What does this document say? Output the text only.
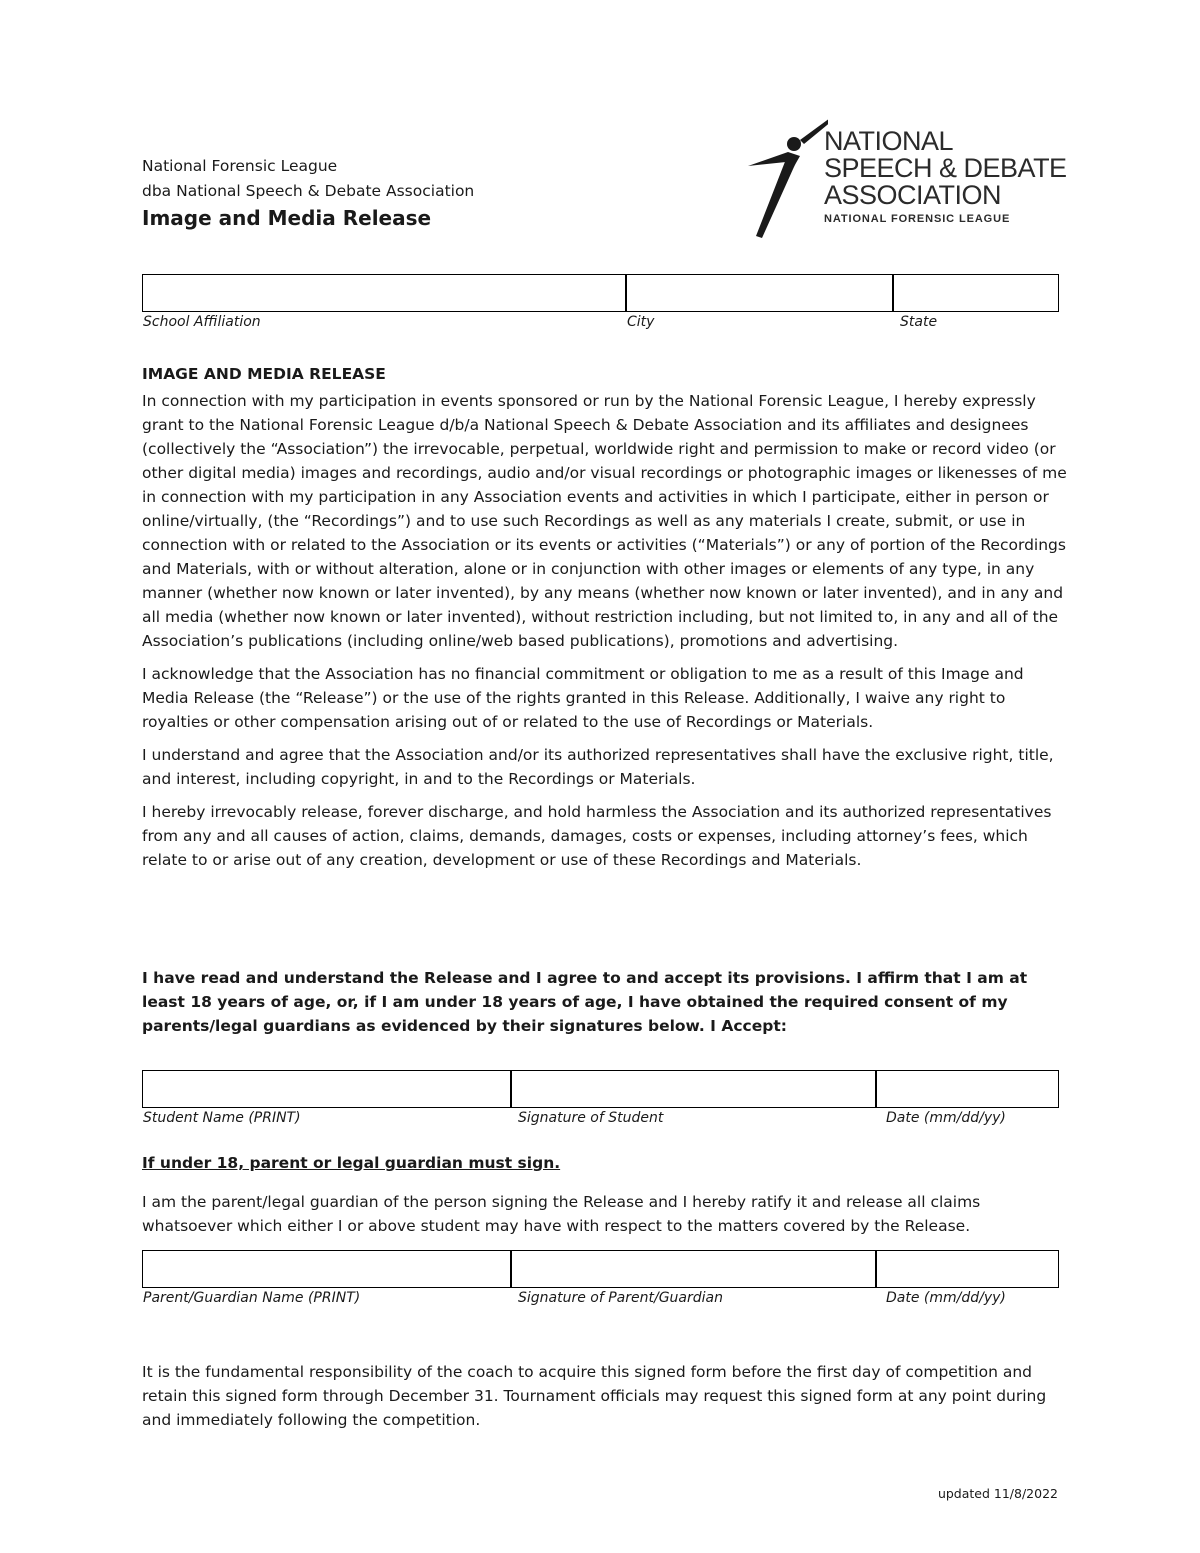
National Forensic League
dba National Speech & Debate Association
Image and Media Release
NATIONAL
SPEECH & DEBATE
ASSOCIATION
NATIONAL FORENSIC LEAGUE
School Affiliation	City	State

IMAGE AND MEDIA RELEASE

In connection with my participation in events sponsored or run by the National Forensic League, I hereby expressly grant to the National Forensic League d/b/a National Speech & Debate Association and its affiliates and designees (collectively the “Association”) the irrevocable, perpetual, worldwide right and permission to make or record video (or other digital media) images and recordings, audio and/or visual recordings or photographic images or likenesses of me in connection with my participation in any Association events and activities in which I participate, either in person or online/virtually, (the “Recordings”) and to use such Recordings as well as any materials I create, submit, or use in connection with or related to the Association or its events or activities (“Materials”) or any of portion of the Recordings and Materials, with or without alteration, alone or in conjunction with other images or elements of any type, in any manner (whether now known or later invented), by any means (whether now known or later invented), and in any and all media (whether now known or later invented), without restriction including, but not limited to, in any and all of the Association’s publications (including online/web based publications), promotions and advertising.

I acknowledge that the Association has no financial commitment or obligation to me as a result of this Image and Media Release (the “Release”) or the use of the rights granted in this Release. Additionally, I waive any right to royalties or other compensation arising out of or related to the use of Recordings or Materials.

I understand and agree that the Association and/or its authorized representatives shall have the exclusive right, title, and interest, including copyright, in and to the Recordings or Materials.

I hereby irrevocably release, forever discharge, and hold harmless the Association and its authorized representatives from any and all causes of action, claims, demands, damages, costs or expenses, including attorney’s fees, which relate to or arise out of any creation, development or use of these Recordings and Materials.

I have read and understand the Release and I agree to and accept its provisions. I affirm that I am at least 18 years of age, or, if I am under 18 years of age, I have obtained the required consent of my parents/legal guardians as evidenced by their signatures below. I Accept:
Student Name (PRINT)	Signature of Student	Date (mm/dd/yy)
If under 18, parent or legal guardian must sign.
I am the parent/legal guardian of the person signing the Release and I hereby ratify it and release all claims whatsoever which either I or above student may have with respect to the matters covered by the Release.
Parent/Guardian Name (PRINT)	Signature of Parent/Guardian	Date (mm/dd/yy)
It is the fundamental responsibility of the coach to acquire this signed form before the first day of competition and retain this signed form through December 31. Tournament officials may request this signed form at any point during and immediately following the competition.
updated 11/8/2022
